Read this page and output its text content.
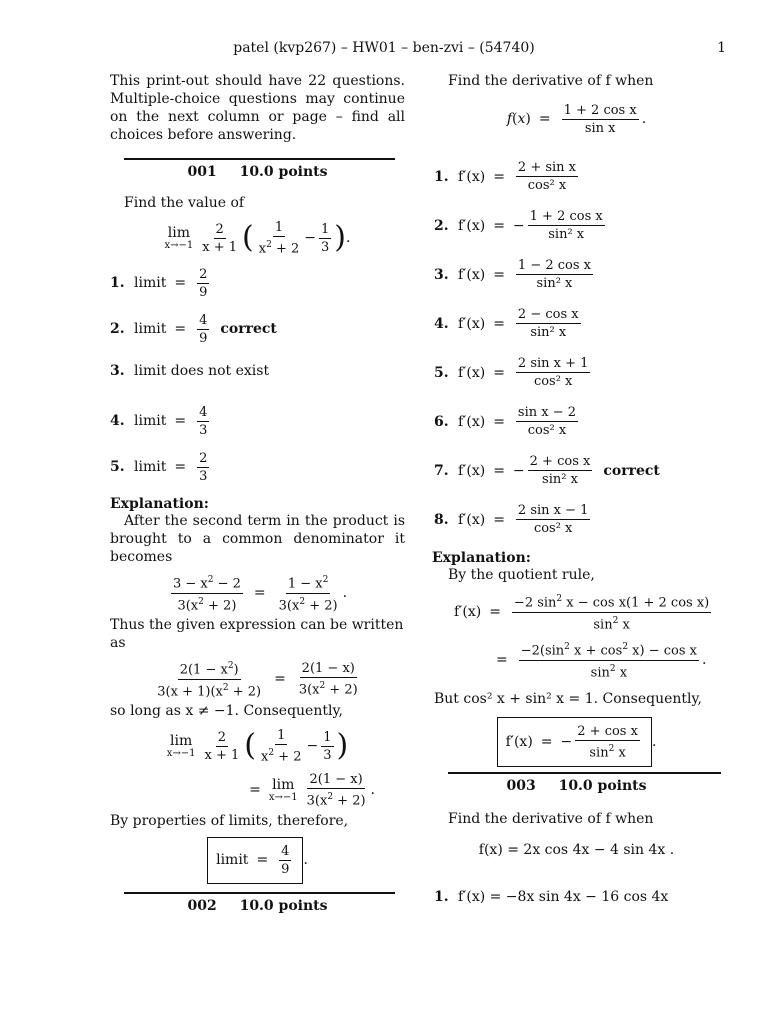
patel (kvp267) – HW01 – ben-zvi – (54740)	1

This print-out should have 22 questions. Multiple-choice questions may continue on the next column or page – find all choices before answering.

001 10.0 points

Find the value of

lim
$x\to-1 \frac{2}{x + 1}$ ( $\frac{1}{x^2 + 2} - \frac{1}{3}$ ) .
1. limit = $\frac{2}{9}$
2. limit = $\frac{4}{9}$ correct
3. limit does not exist
4. limit = $\frac{4}{3}$
5. limit = $\frac{2}{3}$
Explanation:

After the second term in the product is brought to a common denominator it becomes

$\frac{3 - x^2 - 2}{3(x^2 + 2)} = \frac{1 - x^2}{3(x^2 + 2)}$ .

Thus the given expression can be written as

$\frac{2(1 - x^2)}{3(x + 1)(x^2 + 2)} = \frac{2(1 - x)}{3(x^2 + 2)}$

so long as x ≠ −1. Consequently,

lim
$x\to-1 \frac{2}{x + 1}$ ( $\frac{1}{x^2 + 2} - \frac{1}{3}$ )
= lim
$x\to-1 \frac{2(1 - x)}{3(x^2 + 2)}$ .

By properties of limits, therefore,

limit = $\frac{4}{9}$ .
002 10.0 points

Find the derivative of f when

$f(x) = \frac{\text{1 + 2 cos x}}{\text{sin x}}$ .
1. $f'(x) = \frac{\text{2 + sin x}}{\text{cos² x}}$
2. f′(x) = − $\frac{\text{1 + 2 cos x}}{\text{sin² x}}$
3. $f'(x) = \frac{\text{1 − 2 cos x}}{\text{sin² x}}$
4. $f'(x) = \frac{\text{2 − cos x}}{\text{sin² x}}$
5. $f'(x) = \frac{\text{2 sin x + 1}}{\text{cos² x}}$
6. $f'(x) = \frac{\text{sin x − 2}}{\text{cos² x}}$
7. f′(x) = − $\frac{\text{2 + cos x}}{\text{sin² x}}$ correct
8. $f'(x) = \frac{\text{2 sin x − 1}}{\text{cos² x}}$
Explanation:

By the quotient rule,

$f'(x) = \frac{-2 \sin^2 x - \cos x(1 + 2 \cos x)}{\sin^2 x}$
= $\frac{-2(\sin^2 x + \cos^2 x) - \cos x}{\sin^2 x}$ .

But cos² x + sin² x = 1. Consequently,

f′(x) = − $\frac{\text{2 + cos x}}{\sin^2 x}$ .
003 10.0 points

Find the derivative of f when

f(x) = 2x cos 4x − 4 sin 4x .
1. f′(x) = −8x sin 4x − 16 cos 4x
